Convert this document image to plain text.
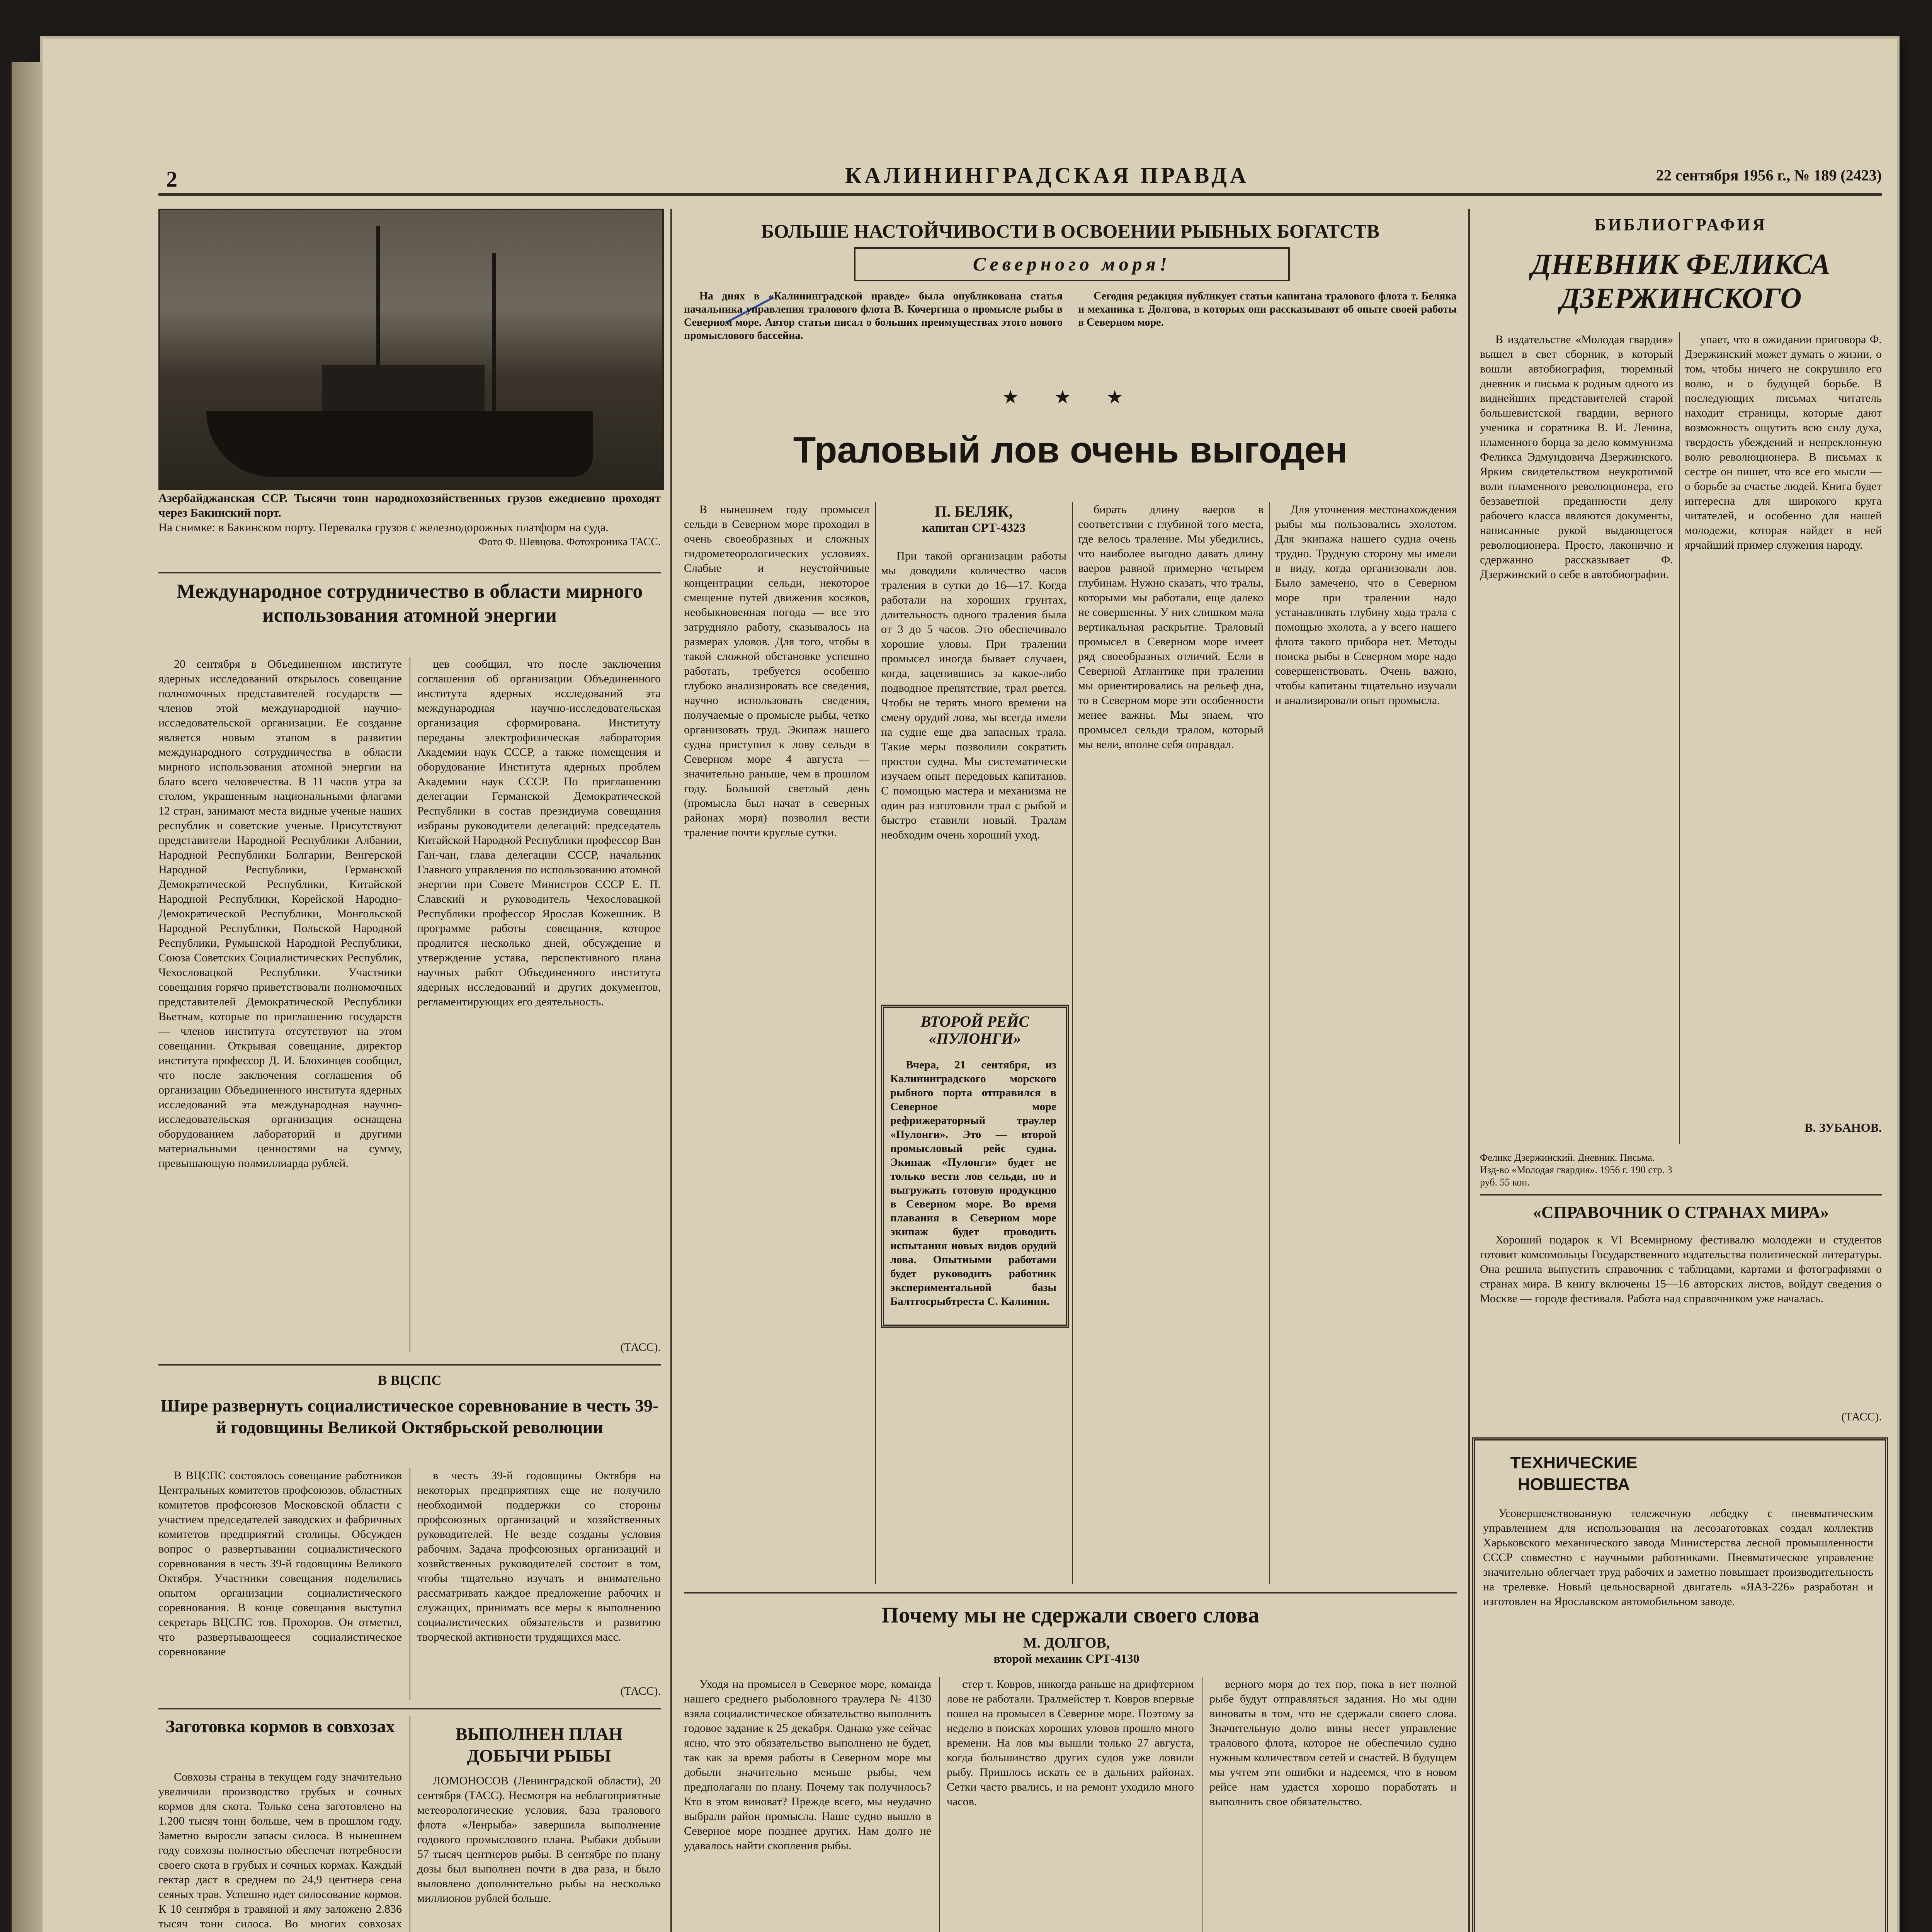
2	КАЛИНИНГРАДСКАЯ ПРАВДА	22 сентября 1956 г., № 189 (2423)
Азербайджанская ССР. Тысячи тонн народнохозяйственных грузов ежедневно проходят через Бакинский порт.
На снимке: в Бакинском порту. Перевалка грузов с железнодорожных платформ на суда.
Фото Ф. Шевцова. Фотохроника ТАСС.
Международное сотрудничество в области мирного использования атомной энергии

20 сентября в Объединенном институте ядерных исследований открылось совещание полномочных представителей государств — членов этой международной научно-исследовательской организации. Ее создание является новым этапом в развитии международного сотрудничества в области мирного использования атомной энергии на благо всего человечества. В 11 часов утра за столом, украшенным национальными флагами 12 стран, занимают места видные ученые наших республик и советские ученые. Присутствуют представители Народной Республики Албании, Народной Республики Болгарии, Венгерской Народной Республики, Германской Демократической Республики, Китайской Народной Республики, Корейской Народно-Демократической Республики, Монгольской Народной Республики, Польской Народной Республики, Румынской Народной Республики, Союза Советских Социалистических Республик, Чехословацкой Республики. Участники совещания горячо приветствовали полномочных представителей Демократической Республики Вьетнам, которые по приглашению государств — членов института отсутствуют на этом совещании. Открывая совещание, директор института профессор Д. И. Блохинцев сообщил, что после заключения соглашения об организации Объединенного института ядерных исследований эта международная научно-исследовательская организация оснащена оборудованием лабораторий и другими материальными ценностями на сумму, превышающую полмиллиарда рублей.

цев сообщил, что после заключения соглашения об организации Объединенного института ядерных исследований эта международная научно-исследовательская организация сформирована. Институту переданы электрофизическая лаборатория Академии наук СССР, а также помещения и оборудование Института ядерных проблем Академии наук СССР. По приглашению делегации Германской Демократической Республики в состав президиума совещания избраны руководители делегаций: председатель Китайской Народной Республики профессор Ван Ган-чан, глава делегации СССР, начальник Главного управления по использованию атомной энергии при Совете Министров СССР Е. П. Славский и руководитель Чехословацкой Республики профессор Ярослав Кожешник. В программе работы совещания, которое продлится несколько дней, обсуждение и утверждение устава, перспективного плана научных работ Объединенного института ядерных исследований и других документов, регламентирующих его деятельность.

(ТАСС).
В ВЦСПС
Шире развернуть социалистическое соревнование в честь 39-й годовщины Великой Октябрьской революции

В ВЦСПС состоялось совещание работников Центральных комитетов профсоюзов, областных комитетов профсоюзов Московской области с участием председателей заводских и фабричных комитетов предприятий столицы. Обсужден вопрос о развертывании социалистического соревнования в честь 39-й годовщины Великого Октября. Участники совещания поделились опытом организации социалистического соревнования. В конце совещания выступил секретарь ВЦСПС тов. Прохоров. Он отметил, что развертывающееся социалистическое соревнование

в честь 39-й годовщины Октября на некоторых предприятиях еще не получило необходимой поддержки со стороны профсоюзных организаций и хозяйственных руководителей. Не везде созданы условия рабочим. Задача профсоюзных организаций и хозяйственных руководителей состоит в том, чтобы тщательно изучать и внимательно рассматривать каждое предложение рабочих и служащих, принимать все меры к выполнению социалистических обязательств и развитию творческой активности трудящихся масс.

(ТАСС).
Заготовка кормов в совхозах

Совхозы страны в текущем году значительно увеличили производство грубых и сочных кормов для скота. Только сена заготовлено на 1.200 тысяч тонн больше, чем в прошлом году. Заметно выросли запасы силоса. В нынешнем году совхозы полностью обеспечат потребности своего скота в грубых и сочных кормах. Каждый гектар даст в среднем по 24,9 центнера сена сеяных трав. Успешно идет силосование кормов. К 10 сентября в травяной и яму заложено 2.836 тысяч тонн силоса. Во многих совхозах

ВЫПОЛНЕН ПЛАН ДОБЫЧИ РЫБЫ

ЛОМОНОСОВ (Ленинградской области), 20 сентября (ТАСС). Несмотря на неблагоприятные метеорологические условия, база тралового флота «Ленрыба» завершила выполнение годового промыслового плана. Рыбаки добыли 57 тысяч центнеров рыбы. В сентябре по плану дозы был выполнен почти в два раза, и было выловлено дополнительно рыбы на несколько миллионов рублей больше.

БОЛЬШЕ НАСТОЙЧИВОСТИ В ОСВОЕНИИ РЫБНЫХ БОГАТСТВ
Северного моря!

На днях в «Калининградской правде» была опубликована статья начальника управления тралового флота В. Кочергина о промысле рыбы в Северном море. Автор статьи писал о больших преимуществах этого нового промыслового бассейна.

Сегодня редакция публикует статьи капитана тралового флота т. Беляка и механика т. Долгова, в которых они рассказывают об опыте своей работы в Северном море.

★ ★ ★
Траловый лов очень выгоден

В нынешнем году промысел сельди в Северном море проходил в очень своеобразных и сложных гидрометеорологических условиях. Слабые и неустойчивые концентрации сельди, некоторое смещение путей движения косяков, необыкновенная погода — все это затрудняло работу, сказывалось на размерах уловов. Для того, чтобы в такой сложной обстановке успешно работать, требуется особенно глубоко анализировать все сведения, научно использовать сведения, получаемые о промысле рыбы, четко организовать труд. Экипаж нашего судна приступил к лову сельди в Северном море 4 августа — значительно раньше, чем в прошлом году. Большой светлый день (промысла был начат в северных районах моря) позволил вести траление почти круглые сутки.

П. БЕЛЯК,
капитан СРТ-4323

При такой организации работы мы доводили количество часов траления в сутки до 16—17. Когда работали на хороших грунтах, длительность одного траления была от 3 до 5 часов. Это обеспечивало хорошие уловы. При тралении промысел иногда бывает случаен, когда, зацепившись за какое-либо подводное препятствие, трал рвется. Чтобы не терять много времени на смену орудий лова, мы всегда имели на судне еще два запасных трала. Такие меры позволили сократить простои судна. Мы систематически изучаем опыт передовых капитанов. С помощью мастера и механизма не один раз изготовили трал с рыбой и быстро ставили новый. Тралам необходим очень хороший уход.

бирать длину ваеров в соответствии с глубиной того места, где велось траление. Мы убедились, что наиболее выгодно давать длину ваеров равной примерно четырем глубинам. Нужно сказать, что тралы, которыми мы работали, еще далеко не совершенны. У них слишком мала вертикальная раскрытие. Траловый промысел в Северном море имеет ряд своеобразных отличий. Если в Северной Атлантике при тралении мы ориентировались на рельеф дна, то в Северном море эти особенности менее важны. Мы знаем, что промысел сельди тралом, который мы вели, вполне себя оправдал.

Для уточнения местонахождения рыбы мы пользовались эхолотом. Для экипажа нашего судна очень трудно. Трудную сторону мы имели в виду, когда организовали лов. Было замечено, что в Северном море при тралении надо устанавливать глубину хода трала с помощью эхолота, а у всего нашего флота такого прибора нет. Методы поиска рыбы в Северном море надо совершенствовать. Очень важно, чтобы капитаны тщательно изучали и анализировали опыт промысла.

ВТОРОЙ РЕЙС «ПУЛОНГИ»

Вчера, 21 сентября, из Калининградского морского рыбного порта отправился в Северное море рефрижераторный траулер «Пулонги». Это — второй промысловый рейс судна. Экипаж «Пулонги» будет не только вести лов сельди, но и выгружать готовую продукцию в Северном море. Во время плавания в Северном море экипаж будет проводить испытания новых видов орудий лова. Опытными работами будет руководить работник экспериментальной базы Балтгосрыбтреста С. Калинин.

Почему мы не сдержали своего слова
М. ДОЛГОВ,
второй механик СРТ-4130

Уходя на промысел в Северное море, команда нашего среднего рыболовного траулера № 4130 взяла социалистическое обязательство выполнить годовое задание к 25 декабря. Однако уже сейчас ясно, что это обязательство выполнено не будет, так как за время работы в Северном море мы добыли значительно меньше рыбы, чем предполагали по плану. Почему так получилось? Кто в этом виноват? Прежде всего, мы неудачно выбрали район промысла. Наше судно вышло в Северное море позднее других. Нам долго не удавалось найти скопления рыбы.

стер т. Ковров, никогда раньше на дрифтерном лове не работали. Тралмейстер т. Ковров впервые пошел на промысел в Северное море. Поэтому за неделю в поисках хороших уловов прошло много времени. На лов мы вышли только 27 августа, когда большинство других судов уже ловили рыбу. Пришлось искать ее в дальних районах. Сетки часто рвались, и на ремонт уходило много часов.

верного моря до тех пор, пока в нет полной рыбе будут отправляться задания. Но мы одни виноваты в том, что не сдержали своего слова. Значительную долю вины несет управление тралового флота, которое не обеспечило судно нужным количеством сетей и снастей. В будущем мы учтем эти ошибки и надеемся, что в новом рейсе нам удастся хорошо поработать и выполнить свое обязательство.

БИБЛИОГРАФИЯ
ДНЕВНИК ФЕЛИКСА ДЗЕРЖИНСКОГО

В издательстве «Молодая гвардия» вышел в свет сборник, в который вошли автобиография, тюремный дневник и письма к родным одного из виднейших представителей старой большевистской гвардии, верного ученика и соратника В. И. Ленина, пламенного борца за дело коммунизма Феликса Эдмундовича Дзержинского. Ярким свидетельством неукротимой воли пламенного революционера, его беззаветной преданности делу рабочего класса являются документы, написанные рукой выдающегося революционера. Просто, лаконично и сдержанно рассказывает Ф. Дзержинский о себе в автобиографии.

упает, что в ожидании приговора Ф. Дзержинский может думать о жизни, о том, чтобы ничего не сокрушило его волю, и о будущей борьбе. В последующих письмах читатель находит страницы, которые дают возможность ощутить всю силу духа, твердость убеждений и непреклонную волю революционера. В письмах к сестре он пишет, что все его мысли — о борьбе за счастье людей. Книга будет интересна для широкого круга читателей, и особенно для нашей молодежи, которая найдет в ней ярчайший пример служения народу.

Феликс Дзержинский. Дневник. Письма. Изд-во «Молодая гвардия». 1956 г. 190 стр. 3 руб. 55 коп.
В. ЗУБАНОВ.
«СПРАВОЧНИК О СТРАНАХ МИРА»

Хороший подарок к VI Всемирному фестивалю молодежи и студентов готовит комсомольцы Государственного издательства политической литературы. Она решила выпустить справочник с таблицами, картами и фотографиями о странах мира. В книгу включены 15—16 авторских листов, войдут сведения о Москве — городе фестиваля. Работа над справочником уже началась.

(ТАСС).
ТЕХНИЧЕСКИЕ НОВШЕСТВА

Усовершенствованную тележечную лебедку с пневматическим управлением для использования на лесозаготовках создал коллектив Харьковского механического завода Министерства лесной промышленности СССР совместно с научными работниками. Пневматическое управление значительно облегчает труд рабочих и заметно повышает производительность на трелевке. Новый цельносварной двигатель «ЯАЗ-226» разработан и изготовлен на Ярославском автомобильном заводе.
